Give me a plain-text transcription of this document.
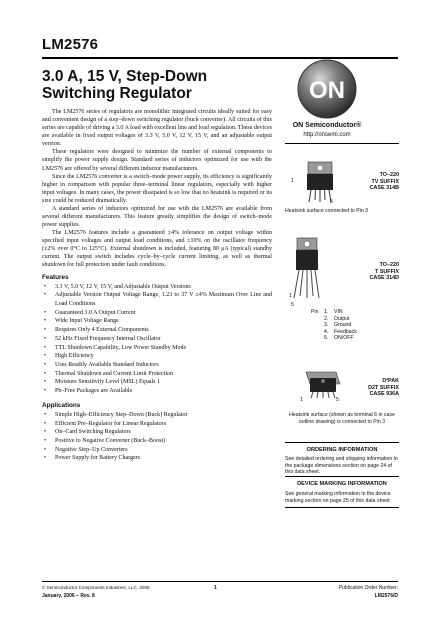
LM2576
3.0 A, 15 V, Step-Down
Switching Regulator

The LM2576 series of regulators are monolithic integrated circuits ideally suited for easy and convenient design of a step–down switching regulator (buck converter). All circuits of this series are capable of driving a 3.0 A load with excellent line and load regulation. These devices are available in fixed output voltages of 3.3 V, 5.0 V, 12 V, 15 V, and an adjustable output version.

These regulators were designed to minimize the number of external components to simplify the power supply design. Standard series of inductors optimized for use with the LM2576 are offered by several different inductor manufacturers.

Since the LM2576 converter is a switch–mode power supply, its efficiency is significantly higher in comparison with popular three–terminal linear regulators, especially with higher input voltages. In many cases, the power dissipated is so low that no heatsink is required or its size could be reduced dramatically.

A standard series of inductors optimized for use with the LM2576 are available from several different manufacturers. This feature greatly simplifies the design of switch–mode power supplies.

The LM2576 features include a guaranteed ±4% tolerance on output voltage within specified input voltages and output load conditions, and ±10% on the oscillator frequency (±2% over 0°C to 125°C). External shutdown is included, featuring 80 μA (typical) standby current. The output switch includes cycle–by–cycle current limiting, as well as thermal shutdown for full protection under fault conditions.

Features
• 3.3 V, 5.0 V, 12 V, 15 V, and Adjustable Output Versions
• Adjustable Version Output Voltage Range, 1.23 to 37 V ±4% Maximum Over Line and Load Conditions
• Guaranteed 3.0 A Output Current
• Wide Input Voltage Range
• Requires Only 4 External Components
• 52 kHz Fixed Frequency Internal Oscillator
• TTL Shutdown Capability, Low Power Standby Mode
• High Efficiency
• Uses Readily Available Standard Inductors
• Thermal Shutdown and Current Limit Protection
• Moisture Sensitivity Level (MSL) Equals 1
• Pb–Free Packages are Available
Applications
• Simple High–Efficiency Step–Down (Buck) Regulator
• Efficient Pre–Regulator for Linear Regulators
• On–Card Switching Regulators
• Positive to Negative Converter (Buck–Boost)
• Negative Step–Up Converters
• Power Supply for Battery Chargers
ON
ON Semiconductor®
http://onsemi.com
1
5
TO–220
TV SUFFIX
CASE 314B
Heatsink surface connected to Pin 3
1
5
TO–220
T SUFFIX
CASE 314D
Pin 1. VIN
2. Output
3. Ground
4. Feedback
5. ON/OFF
1	5
D²PAK
D2T SUFFIX
CASE 936A
Heatsink surface (shown as terminal 6 in case outline drawing) is connected to Pin 3
ORDERING INFORMATION
See detailed ordering and shipping information in the package dimensions section on page 24 of this data sheet.
DEVICE MARKING INFORMATION
See general marking information in the device marking section on page 25 of this data sheet.
© Semiconductor Components Industries, LLC, 2006
January, 2006 − Rev. 8
1	Publication Order Number:
LM2576/D
